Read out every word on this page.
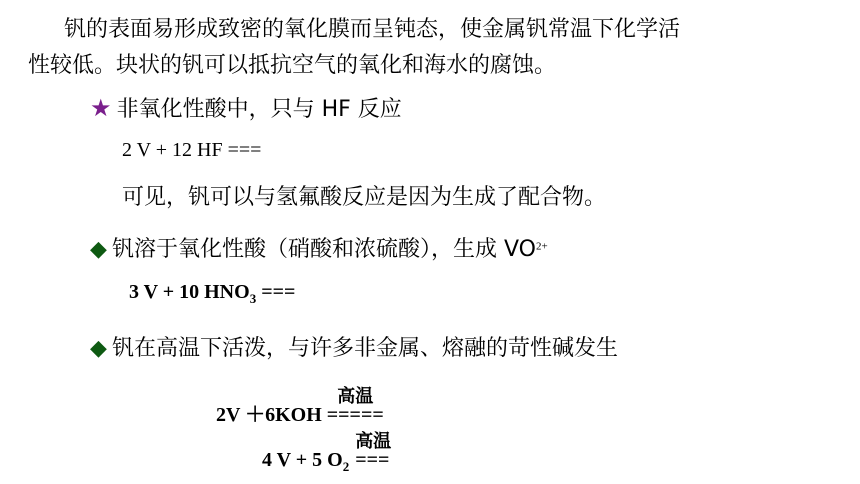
钒的表面易形成致密的氧化膜而呈钝态，使金属钒常温下化学活
性较低。块状的钒可以抵抗空气的氧化和海水的腐蚀。
★ 非氧化性酸中，只与 HF 反应
2 V + 12 HF ===
可见，钒可以与氢氟酸反应是因为生成了配合物。
◆ 钒溶于氧化性酸（硝酸和浓硫酸），生成 $VO^{2+}$
3 V + 10 $HNO_3$ ===
◆ 钒在高温下活泼，与许多非金属、熔融的苛性碱发生
2V ＋6KOH
高温
=====
4 V + 5 $O_2$
高温
===
